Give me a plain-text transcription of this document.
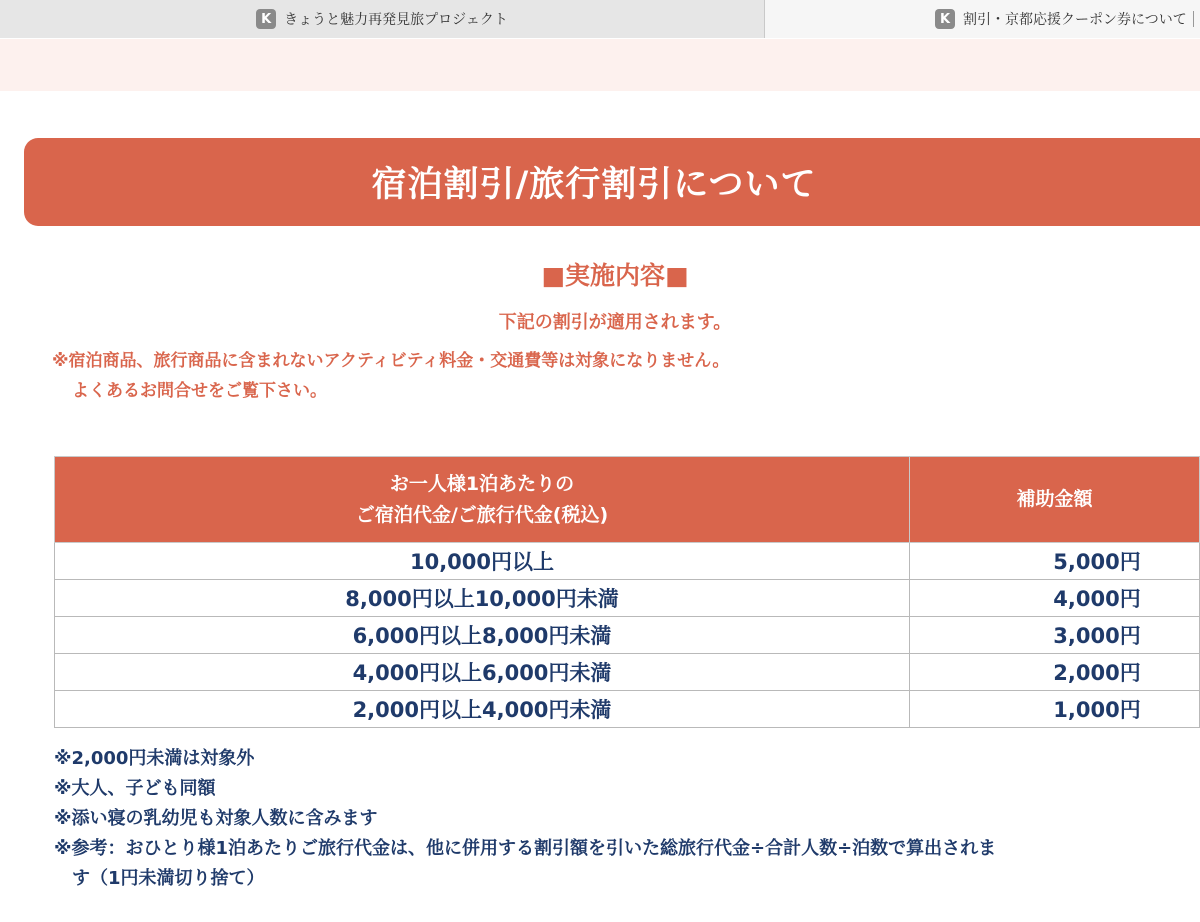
K きょうと魅力再発見旅プロジェクト	K 割引・京都応援クーポン券について
宿泊割引/旅行割引について
■実施内容■
下記の割引が適用されます。
※宿泊商品、旅行商品に含まれないアクティビティ料金・交通費等は対象になりません。
よくあるお問合せをご覧下さい。
お一人様1泊あたりの
ご宿泊代金/ご旅行代金(税込)	補助金額
10,000円以上	5,000円
8,000円以上10,000円未満	4,000円
6,000円以上8,000円未満	3,000円
4,000円以上6,000円未満	2,000円
2,000円以上4,000円未満	1,000円
※2,000円未満は対象外
※大人、子ども同額
※添い寝の乳幼児も対象人数に含みます
※参考：おひとり様1泊あたりご旅行代金は、他に併用する割引額を引いた総旅行代金÷合計人数÷泊数で算出されま
す（1円未満切り捨て）
